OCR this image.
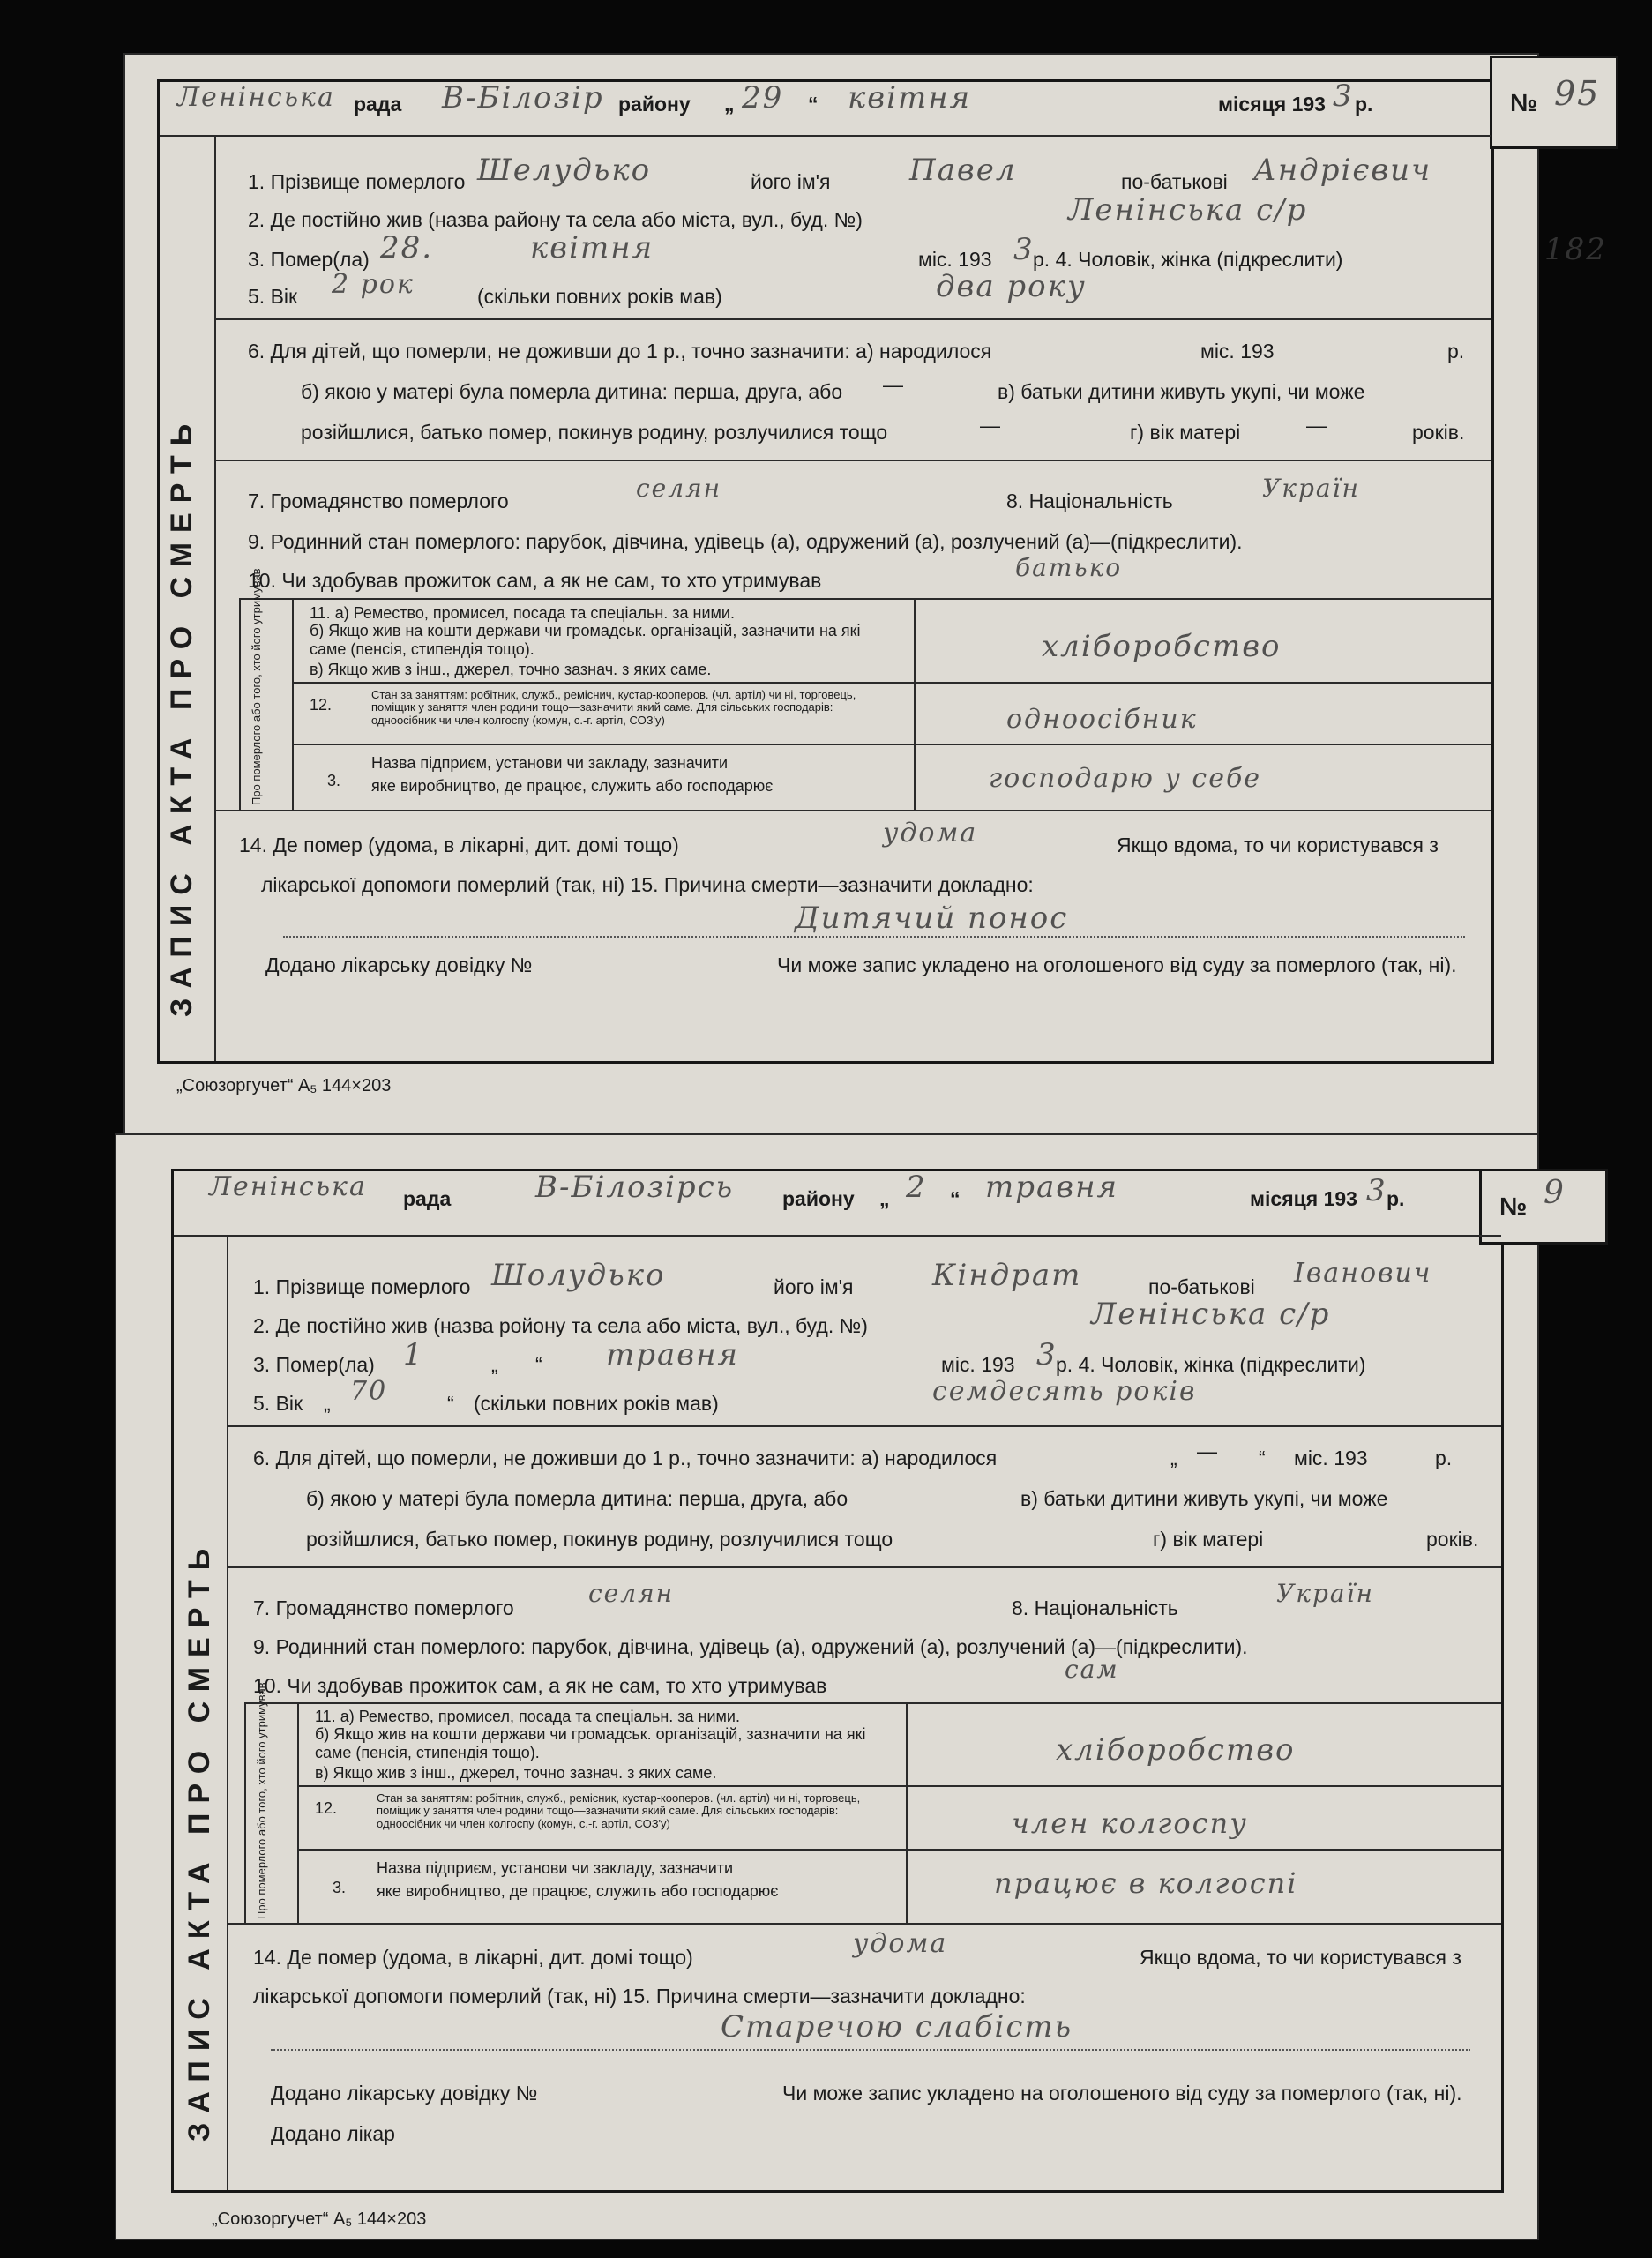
Ленінська рада В-Білозір району „ 29 “ квітня	місяця 193 3 р.	№ 95
ЗАПИС АКТА ПРО СМЕРТЬ
1. Прізвище померлого Шелудько	його ім'я	Павел	по-батькові Андрієвич
2. Де постійно жив (назва району та села або міста, вул., буд. №)	Ленінська с/р
3. Помер(ла) 28.	квітня	міс. 193 3
р. 4. Чоловік, жінка (підкреслити)	182
5. Вік 2 рок	(скільки повних років мав)	два року
6. Для дітей, що померли, не доживши до 1 р., точно зазначити: а) народилося	міс. 193	р.
б) якою у матері була померла дитина: перша, друга, або —	в) батьки дитини живуть укупі, чи може
розійшлися, батько помер, покинув родину, розлучилися тощо	—	г) вік матері	—	років.
7. Громадянство померлого	селян	8. Національність	Україн
9. Родинний стан померлого: парубок, дівчина, удівець (а), одружений (а), розлучений (а)—(підкреслити).
10. Чи здобував прожиток сам, а як не сам, то хто утримував	батько
Про померлого або того, хто його утримував	11. а) Ремество, промисел, посада та спеціальн. за ними.
б) Якщо жив на кошти держави чи громадськ. організацій, зазначити на які саме (пенсія, стипендія тощо).
в) Якщо жив з інш., джерел, точно зазнач. з яких саме.
хліборобство
12.
Стан за заняттям: робітник, служб., реміснич, кустар-кооперов. (чл. артіл) чи ні, торговець, поміщик у заняття член родини тощо—зазначити який саме. Для сільських господарів: одноосібник чи член колгоспу (комун, с.-г. артіл, СОЗ'у)	одноосібник
3.
Назва підприєм, установи чи закладу, зазначити
яке виробництво, де працює, служить або господарює	господарю у себе
14. Де помер (удома, в лікарні, дит. домі тощо)	удома	Якщо вдома, то чи користувався з
лікарської допомоги померлий (так, ні) 15. Причина смерти—зазначити докладно:
Дитячий понос
Додано лікарську довідку №	Чи може запис укладено на оголошеного від суду за померлого (так, ні).
„Союзоргучет“ А₅ 144×203
Ленінська рада	В-Білозірсь району „ 2 “ травня	місяця 193 3 р.	№ 9
ЗАПИС АКТА ПРО СМЕРТЬ
1. Прізвище померлого Шолудько	його ім'я	Кіндрат	по-батькові Іванович
2. Де постійно жив (назва ройону та села або міста, вул., буд. №)	Ленінська с/р
3. Помер(ла) 1	„ “ травня	міс. 193 3
р. 4. Чоловік, жінка (підкреслити)
5. Вік „ 70	“ (скільки повних років мав)	семдесять років
6. Для дітей, що померли, не доживши до 1 р., точно зазначити: а) народилося	„ — “ міс. 193	р.
б) якою у матері була померла дитина: перша, друга, або	в) батьки дитини живуть укупі, чи може
розійшлися, батько помер, покинув родину, розлучилися тощо	г) вік матері	років.
7. Громадянство померлого	селян	8. Національність	Україн
9. Родинний стан померлого: парубок, дівчина, удівець (а), одружений (а), розлучений (а)—(підкреслити).
10. Чи здобував прожиток сам, а як не сам, то хто утримував
сам
Про померлого або того, хто його утримував	11. а) Ремество, промисел, посада та спеціальн. за ними.
б) Якщо жив на кошти держави чи громадськ. організацій, зазначити на які саме (пенсія, стипендія тощо).
в) Якщо жив з інш., джерел, точно зазнач. з яких саме.
хліборобство
12.
Стан за заняттям: робітник, служб., ремісник, кустар-кооперов. (чл. артіл) чи ні, торговець, поміщик у заняття член родини тощо—зазначити який саме. Для сільських господарів: одноосібник чи член колгоспу (комун, с.-г. артіл, СОЗ'у)	член колгоспу
3.
Назва підприєм, установи чи закладу, зазначити
яке виробництво, де працює, служить або господарює	працює в колгоспі
14. Де помер (удома, в лікарні, дит. домі тощо)	удома	Якщо вдома, то чи користувався з
лікарської допомоги померлий (так, ні) 15. Причина смерти—зазначити докладно:
Старечою слабість
Додано лікарську довідку №	Чи може запис укладено на оголошеного від суду за померлого (так, ні).
Додано лікар
„Союзоргучет“ А₅ 144×203
